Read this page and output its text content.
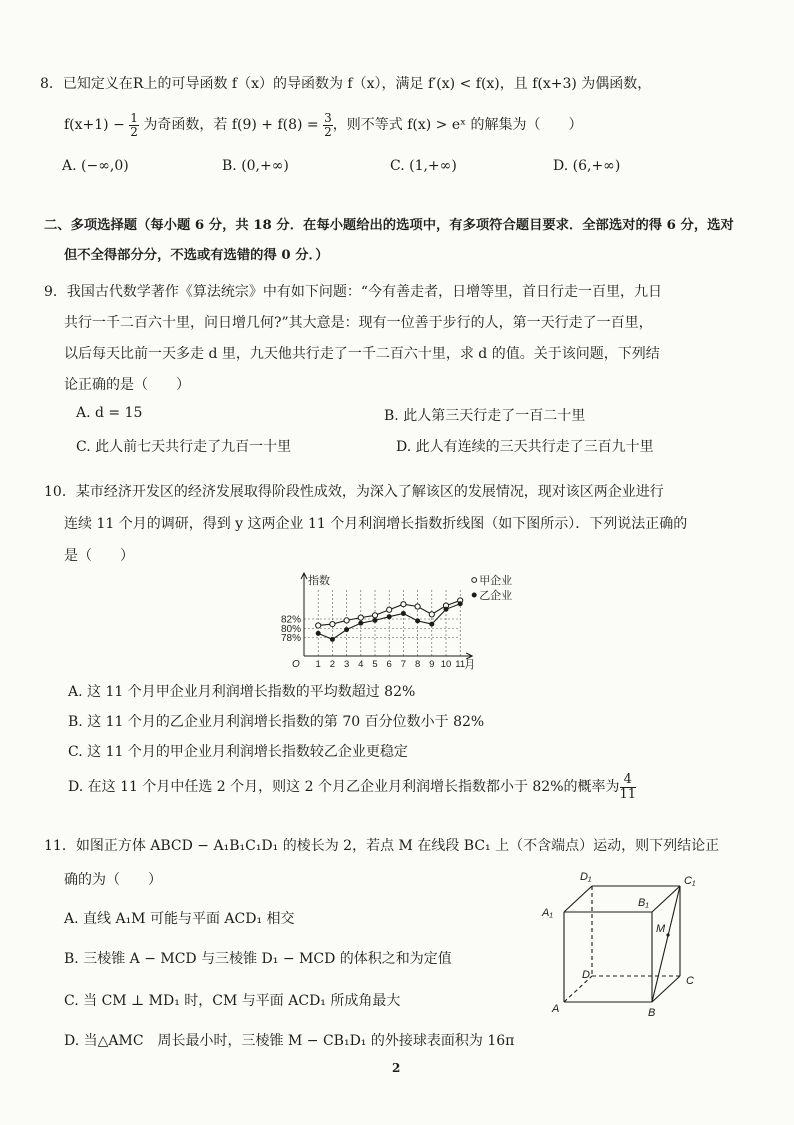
8．已知定义在R上的可导函数 f（x）的导函数为 f（x），满足 f′(x) < f(x)，且 f(x+3) 为偶函数，
$f(x+1) - \frac{1}{2}$ 为奇函数，若 $f(9) + f(8) = \frac{3}{2}$ ，则不等式 f(x) > eˣ 的解集为（　　）
A. (−∞,0)	B. (0,+∞)	C. (1,+∞)	D. (6,+∞)
二、多项选择题（每小题 6 分，共 18 分．在每小题给出的选项中，有多项符合题目要求．全部选对的得 6 分，选对
但不全得部分分，不选或有选错的得 0 分．）
9．我国古代数学著作《算法统宗》中有如下问题：“今有善走者，日增等里，首日行走一百里，九日
共行一千二百六十里，问日增几何?”其大意是：现有一位善于步行的人，第一天行走了一百里，
以后每天比前一天多走 d 里，九天他共行走了一千二百六十里，求 d 的值。关于该问题，下列结
论正确的是（　　）
A. d = 15	B. 此人第三天行走了一百二十里
C. 此人前七天共行走了九百一十里	D. 此人有连续的三天共行走了三百九十里
10．某市经济开发区的经济发展取得阶段性成效，为深入了解该区的发展情况，现对该区两企业进行
连续 11 个月的调研，得到 y 这两企业 11 个月利润增长指数折线图（如下图所示）．下列说法正确的
是（　　）
82%
80%
78%
1 2 3 4 5 6 7 8 9 10 11
指数
月
O
甲企业
乙企业
A. 这 11 个月甲企业月利润增长指数的平均数超过 82%
B. 这 11 个月的乙企业月利润增长指数的第 70 百分位数小于 82%
C. 这 11 个月的甲企业月利润增长指数较乙企业更稳定
D. 在这 11 个月中任选 2 个月，则这 2 个月乙企业月利润增长指数都小于 82%的概率为 $\frac{4}{11}$
11．如图正方体 ABCD − A₁B₁C₁D₁ 的棱长为 2，若点 M 在线段 BC₁ 上（不含端点）运动，则下列结论正
确的为（　　）
A. 直线 A₁M 可能与平面 ACD₁ 相交
B. 三棱锥 A − MCD 与三棱锥 D₁ − MCD 的体积之和为定值
C. 当 CM ⊥ MD₁ 时，CM 与平面 ACD₁ 所成角最大
D. 当△AMC　周长最小时，三棱锥 M − CB₁D₁ 的外接球表面积为 16π
D₁	C₁
A₁
B₁
M
D	C
A	B
2
